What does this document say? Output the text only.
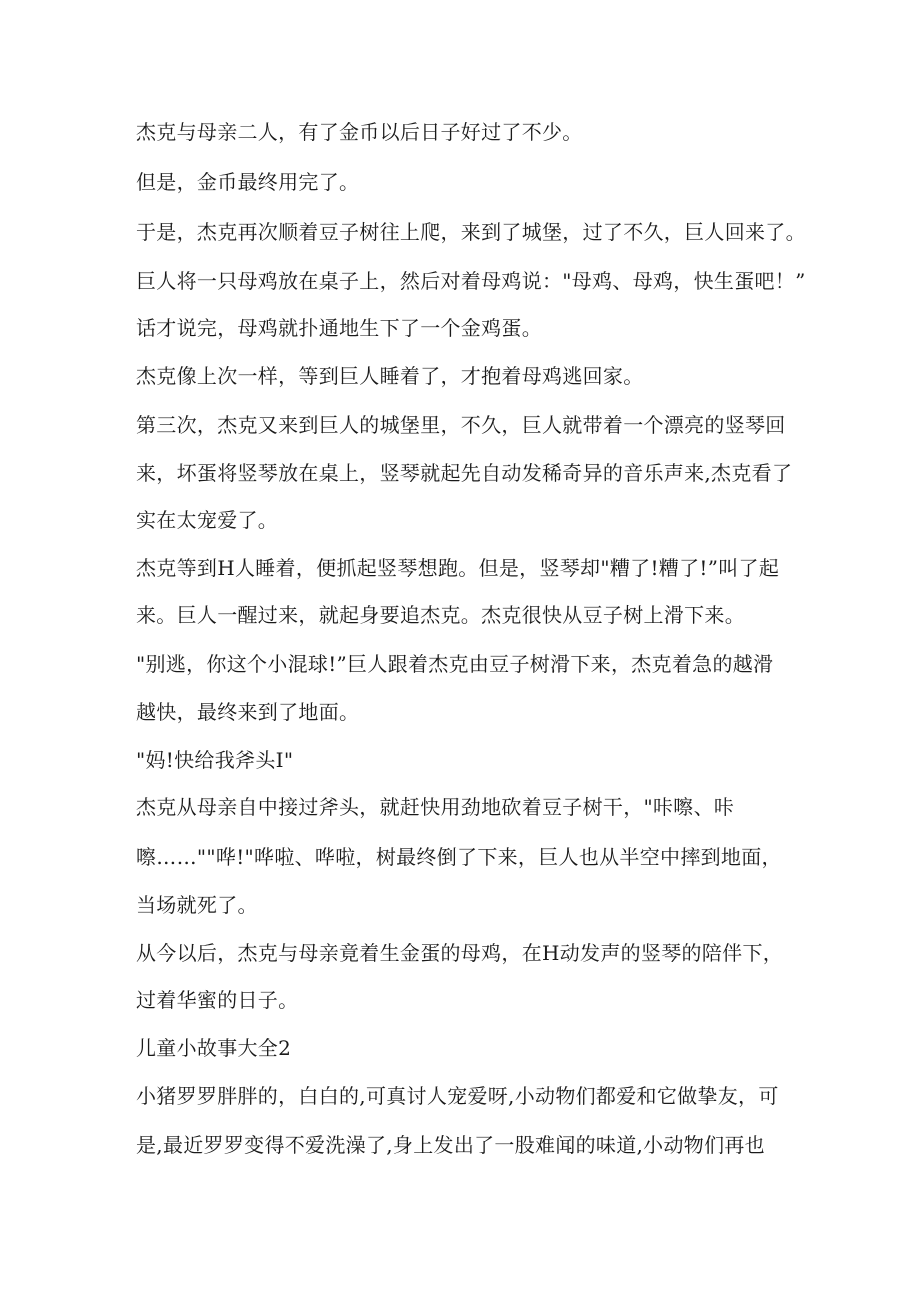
杰克与母亲二人，有了金币以后日子好过了不少。
但是，金币最终用完了。
于是，杰克再次顺着豆子树往上爬，来到了城堡，过了不久，巨人回来了。
巨人将一只母鸡放在桌子上，然后对着母鸡说："母鸡、母鸡，快生蛋吧！”
话才说完，母鸡就扑通地生下了一个金鸡蛋。
杰克像上次一样，等到巨人睡着了，才抱着母鸡逃回家。
第三次，杰克又来到巨人的城堡里，不久，巨人就带着一个漂亮的竖琴回
来，坏蛋将竖琴放在桌上，竖琴就起先自动发稀奇异的音乐声来,杰克看了
实在太宠爱了。
杰克等到H人睡着，便抓起竖琴想跑。但是，竖琴却"糟了!糟了!”叫了起
来。巨人一醒过来，就起身要追杰克。杰克很快从豆子树上滑下来。
"别逃，你这个小混球!”巨人跟着杰克由豆子树滑下来，杰克着急的越滑
越快，最终来到了地面。
"妈!快给我斧头I"
杰克从母亲自中接过斧头，就赶快用劲地砍着豆子树干，"咔嚓、咔
嚓……""哗!"哗啦、哗啦，树最终倒了下来，巨人也从半空中摔到地面，
当场就死了。
从今以后，杰克与母亲竟着生金蛋的母鸡，在H动发声的竖琴的陪伴下，
过着华蜜的日子。
儿童小故事大全2
小猪罗罗胖胖的，白白的,可真讨人宠爱呀,小动物们都爱和它做挚友，可
是,最近罗罗变得不爱洗澡了,身上发出了一股难闻的味道,小动物们再也
